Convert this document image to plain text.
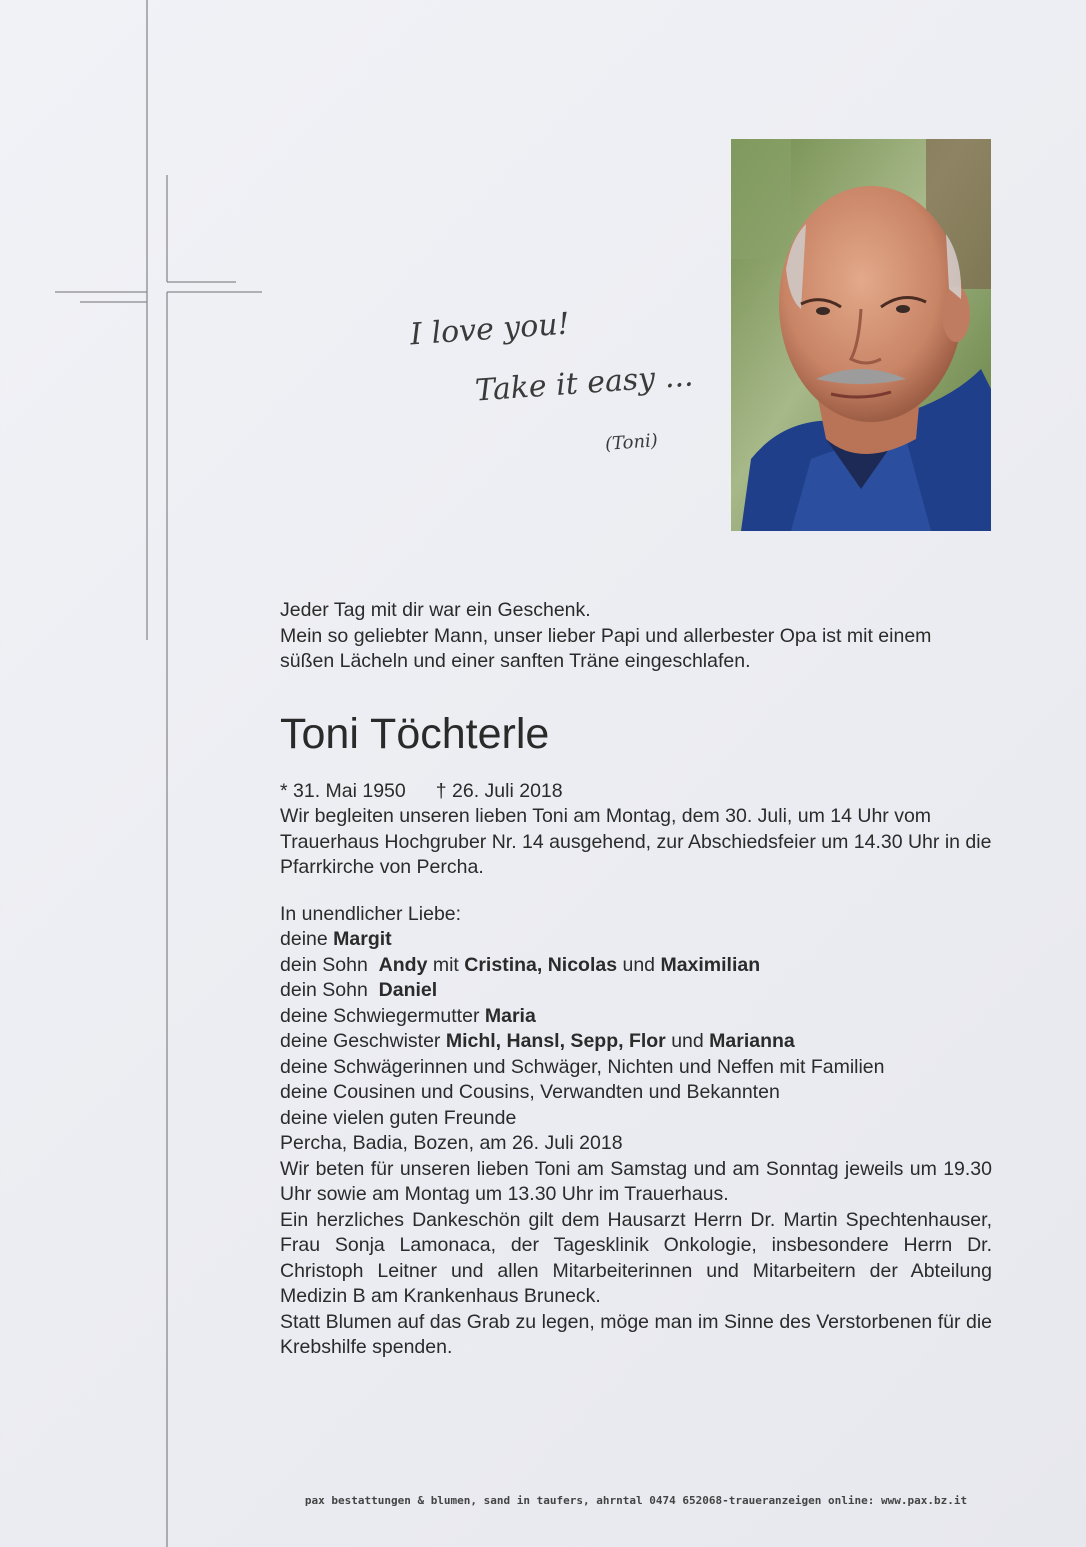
I love you!
Take it easy ...
(Toni)

Jeder Tag mit dir war ein Geschenk.

Mein so geliebter Mann, unser lieber Papi und allerbester Opa ist mit einem

süßen Lächeln und einer sanften Träne eingeschlafen.

Toni Töchterle
* 31. Mai 1950 † 26. Juli 2018

Wir begleiten unseren lieben Toni am Montag, dem 30. Juli, um 14 Uhr vom Trauerhaus Hochgruber Nr. 14 ausgehend, zur Abschiedsfeier um 14.30 Uhr in die Pfarrkirche von Percha.

In unendlicher Liebe:

deine Margit

dein Sohn  Andy mit Cristina, Nicolas und Maximilian

dein Sohn  Daniel

deine Schwiegermutter Maria

deine Geschwister Michl, Hansl, Sepp, Flor und Marianna

deine Schwägerinnen und Schwäger, Nichten und Neffen mit Familien

deine Cousinen und Cousins, Verwandten und Bekannten

deine vielen guten Freunde

Percha, Badia, Bozen, am 26. Juli 2018

Wir beten für unseren lieben Toni am Samstag und am Sonntag jeweils um 19.30 Uhr sowie am Montag um 13.30 Uhr im Trauerhaus.

Ein herzliches Dankeschön gilt dem Hausarzt Herrn Dr. Martin Spechtenhauser, Frau Sonja Lamonaca, der Tagesklinik Onkologie, insbesondere Herrn Dr. Christoph Leitner und allen Mitarbeiterinnen und Mitarbeitern der Abteilung Medizin B am Krankenhaus Bruneck.

Statt Blumen auf das Grab zu legen, möge man im Sinne des Verstorbenen für die Krebshilfe spenden.

pax bestattungen & blumen, sand in taufers, ahrntal 0474 652068-traueranzeigen online: www.pax.bz.it
